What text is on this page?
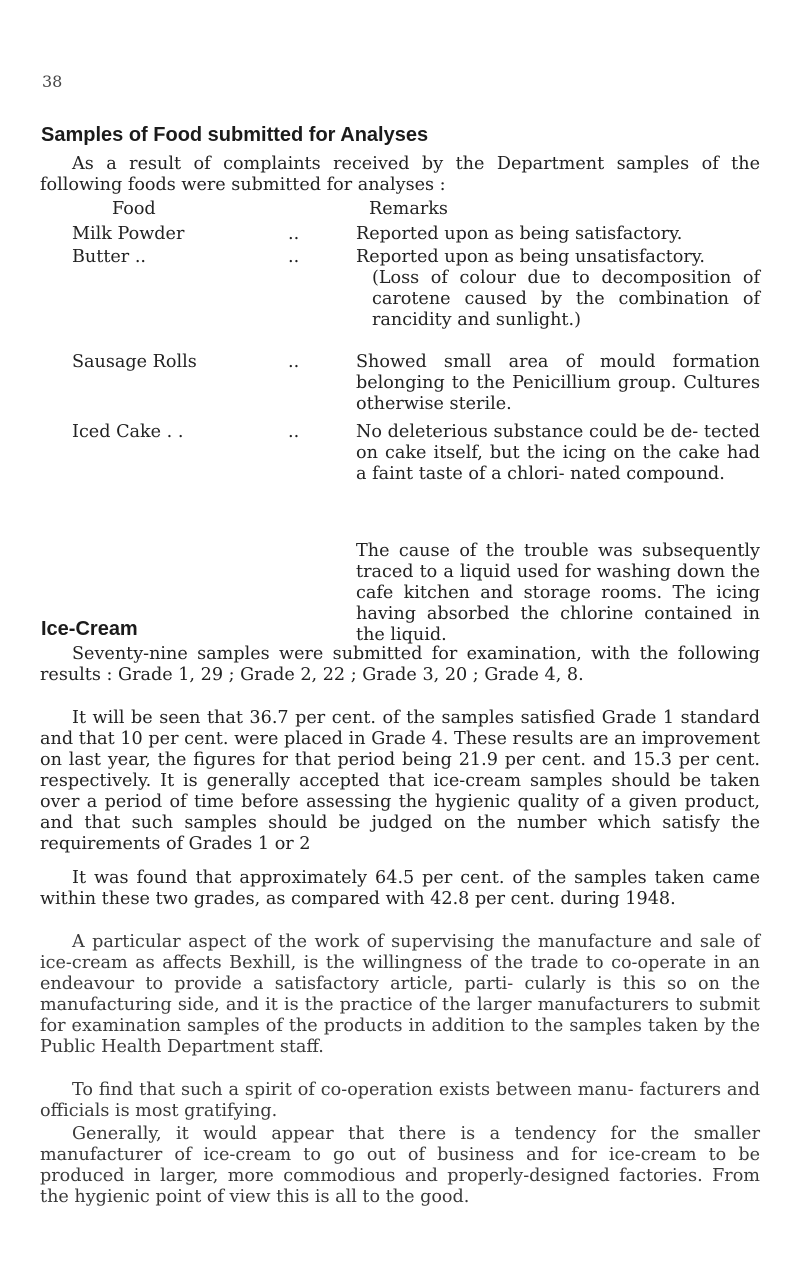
38
Samples of Food submitted for Analyses

As a result of complaints received by the Department samples of the following foods were submitted for analyses :

Food	Remarks
Milk Powder	..	Reported upon as being satisfactory.
Butter ..	..	Reported upon as being unsatisfactory.
(Loss of colour due to decomposition of carotene caused by the combination of rancidity and sunlight.)
Sausage Rolls	..	Showed small area of mould formation belonging to the Penicillium group. Cultures otherwise sterile.
Iced Cake . .	..	No deleterious substance could be de- tected on cake itself, but the icing on the cake had a faint taste of a chlori- nated compound.

The cause of the trouble was subsequently traced to a liquid used for washing down the cafe kitchen and storage rooms. The icing having absorbed the chlorine contained in the liquid.

Ice-Cream

Seventy-nine samples were submitted for examination, with the following results : Grade 1, 29 ; Grade 2, 22 ; Grade 3, 20 ; Grade 4, 8.

It will be seen that 36.7 per cent. of the samples satisfied Grade 1 standard and that 10 per cent. were placed in Grade 4. These results are an improvement on last year, the figures for that period being 21.9 per cent. and 15.3 per cent. respectively. It is generally accepted that ice-cream samples should be taken over a period of time before assessing the hygienic quality of a given product, and that such samples should be judged on the number which satisfy the requirements of Grades 1 or 2

It was found that approximately 64.5 per cent. of the samples taken came within these two grades, as compared with 42.8 per cent. during 1948.

A particular aspect of the work of supervising the manufacture and sale of ice-cream as affects Bexhill, is the willingness of the trade to co-operate in an endeavour to provide a satisfactory article, parti- cularly is this so on the manufacturing side, and it is the practice of the larger manufacturers to submit for examination samples of the products in addition to the samples taken by the Public Health Department staff.

To find that such a spirit of co-operation exists between manu- facturers and officials is most gratifying.

Generally, it would appear that there is a tendency for the smaller manufacturer of ice-cream to go out of business and for ice-cream to be produced in larger, more commodious and properly-designed factories. From the hygienic point of view this is all to the good.
